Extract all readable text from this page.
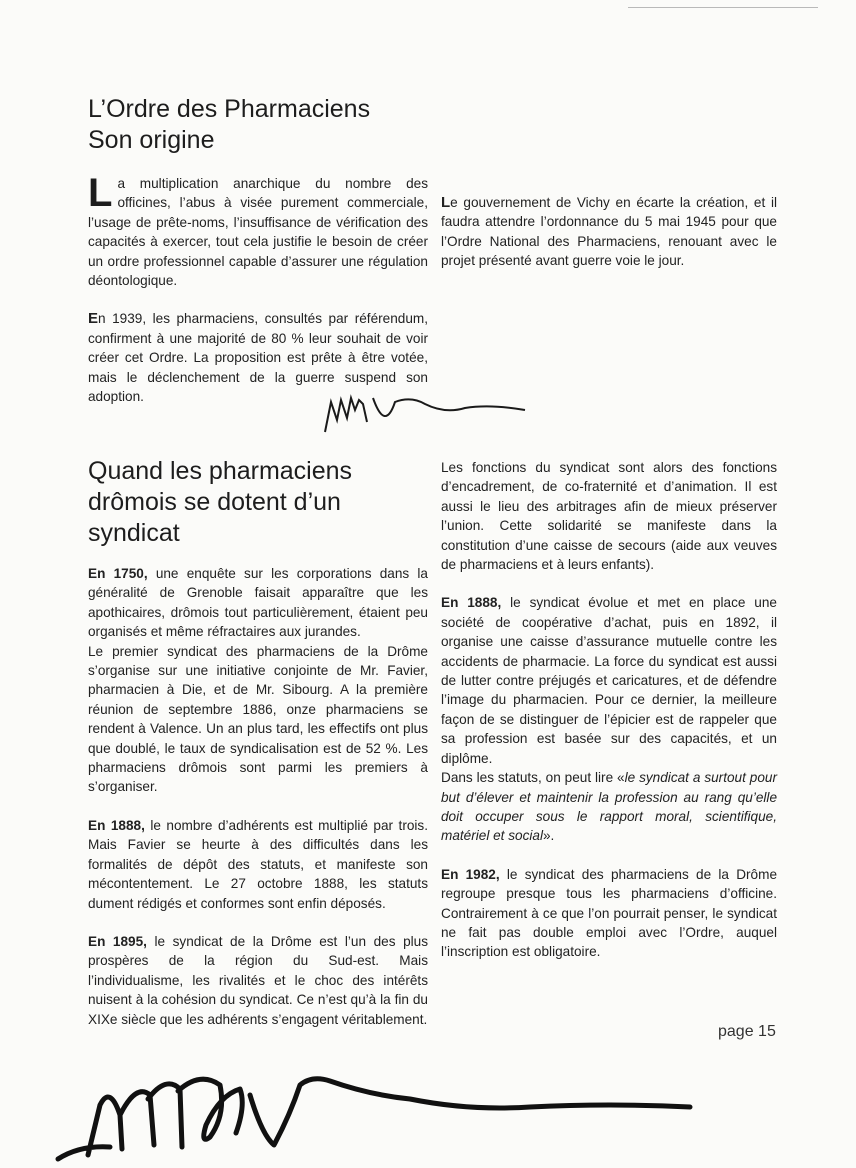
L’Ordre des Pharmaciens
Son origine

La multiplication anarchique du nombre des officines, l’abus à visée purement commerciale, l’usage de prête-noms, l’insuffisance de vérification des capacités à exercer, tout cela justifie le besoin de créer un ordre professionnel capable d’assurer une régulation déontologique.

En 1939, les pharmaciens, consultés par référendum, confirment à une majorité de 80 % leur souhait de voir créer cet Ordre. La proposition est prête à être votée, mais le déclenchement de la guerre suspend son adoption.

Le gouvernement de Vichy en écarte la création, et il faudra attendre l’ordonnance du 5 mai 1945 pour que l’Ordre National des Pharmaciens, renouant avec le projet présenté avant guerre voie le jour.

Quand les pharmaciens
drômois se dotent d’un
syndicat

En 1750, une enquête sur les corporations dans la généralité de Grenoble faisait apparaître que les apothicaires, drômois tout particulièrement, étaient peu organisés et même réfractaires aux jurandes.

Le premier syndicat des pharmaciens de la Drôme s’organise sur une initiative conjointe de Mr. Favier, pharmacien à Die, et de Mr. Sibourg. A la première réunion de septembre 1886, onze pharmaciens se rendent à Valence. Un an plus tard, les effectifs ont plus que doublé, le taux de syndicalisation est de 52 %. Les pharmaciens drômois sont parmi les premiers à s’organiser.

En 1888, le nombre d’adhérents est multiplié par trois. Mais Favier se heurte à des difficultés dans les formalités de dépôt des statuts, et manifeste son mécontentement. Le 27 octobre 1888, les statuts dument rédigés et conformes sont enfin déposés.

En 1895, le syndicat de la Drôme est l’un des plus prospères de la région du Sud-est. Mais l’individualisme, les rivalités et le choc des intérêts nuisent à la cohésion du syndicat. Ce n’est qu’à la fin du XIXe siècle que les adhérents s’engagent véritablement.

Les fonctions du syndicat sont alors des fonctions d’encadrement, de co-fraternité et d’animation. Il est aussi le lieu des arbitrages afin de mieux préserver l’union. Cette solidarité se manifeste dans la constitution d’une caisse de secours (aide aux veuves de pharmaciens et à leurs enfants).

En 1888, le syndicat évolue et met en place une société de coopérative d’achat, puis en 1892, il organise une caisse d’assurance mutuelle contre les accidents de pharmacie. La force du syndicat est aussi de lutter contre préjugés et caricatures, et de défendre l’image du pharmacien. Pour ce dernier, la meilleure façon de se distinguer de l’épicier est de rappeler que sa profession est basée sur des capacités, et un diplôme.

Dans les statuts, on peut lire «le syndicat a surtout pour but d’élever et maintenir la profession au rang qu’elle doit occuper sous le rapport moral, scientifique, matériel et social».

En 1982, le syndicat des pharmaciens de la Drôme regroupe presque tous les pharmaciens d’officine. Contrairement à ce que l’on pourrait penser, le syndicat ne fait pas double emploi avec l’Ordre, auquel l’inscription est obligatoire.

page 15
